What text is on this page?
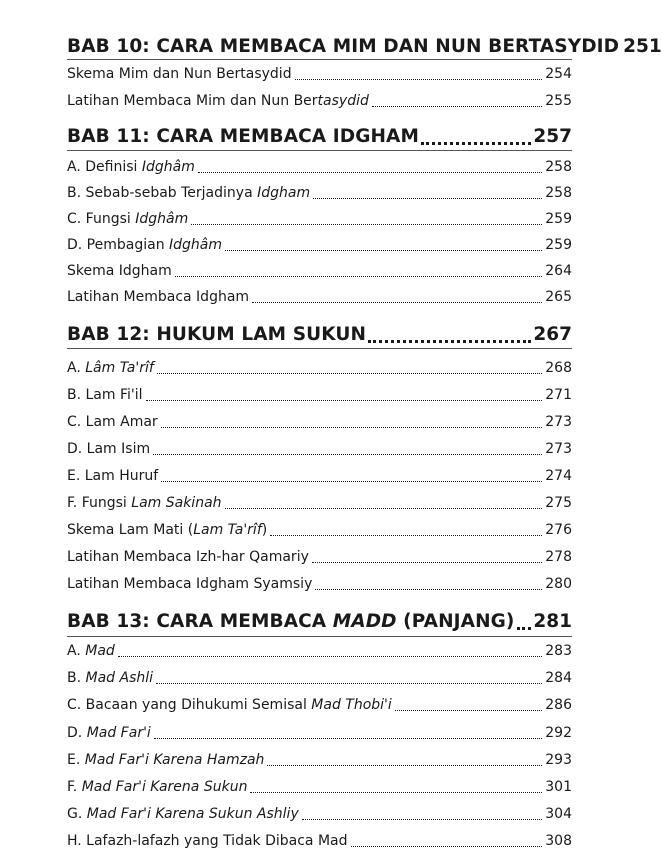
BAB 10: CARA MEMBACA MIM DAN NUN BERTASYDID 251
Skema Mim dan Nun Bertasydid	254
Latihan Membaca Mim dan Nun Bertasydid	255
BAB 11: CARA MEMBACA IDGHAM	257
A. Definisi Idghâm	258
B. Sebab-sebab Terjadinya Idgham	258
C. Fungsi Idghâm	259
D. Pembagian Idghâm	259
Skema Idgham	264
Latihan Membaca Idgham	265
BAB 12: HUKUM LAM SUKUN	267
A. Lâm Ta'rîf	268
B. Lam Fi'il	271
C. Lam Amar	273
D. Lam Isim	273
E. Lam Huruf	274
F. Fungsi Lam Sakinah	275
Skema Lam Mati (Lam Ta'rîf)	276
Latihan Membaca Izh-har Qamariy	278
Latihan Membaca Idgham Syamsiy	280
BAB 13: CARA MEMBACA MADD (PANJANG) 281
A. Mad	283
B. Mad Ashli	284
C. Bacaan yang Dihukumi Semisal Mad Thobi'i	286
D. Mad Far'i	292
E. Mad Far'i Karena Hamzah	293
F. Mad Far'i Karena Sukun	301
G. Mad Far'i Karena Sukun Ashliy	304
H. Lafazh-lafazh yang Tidak Dibaca Mad	308
